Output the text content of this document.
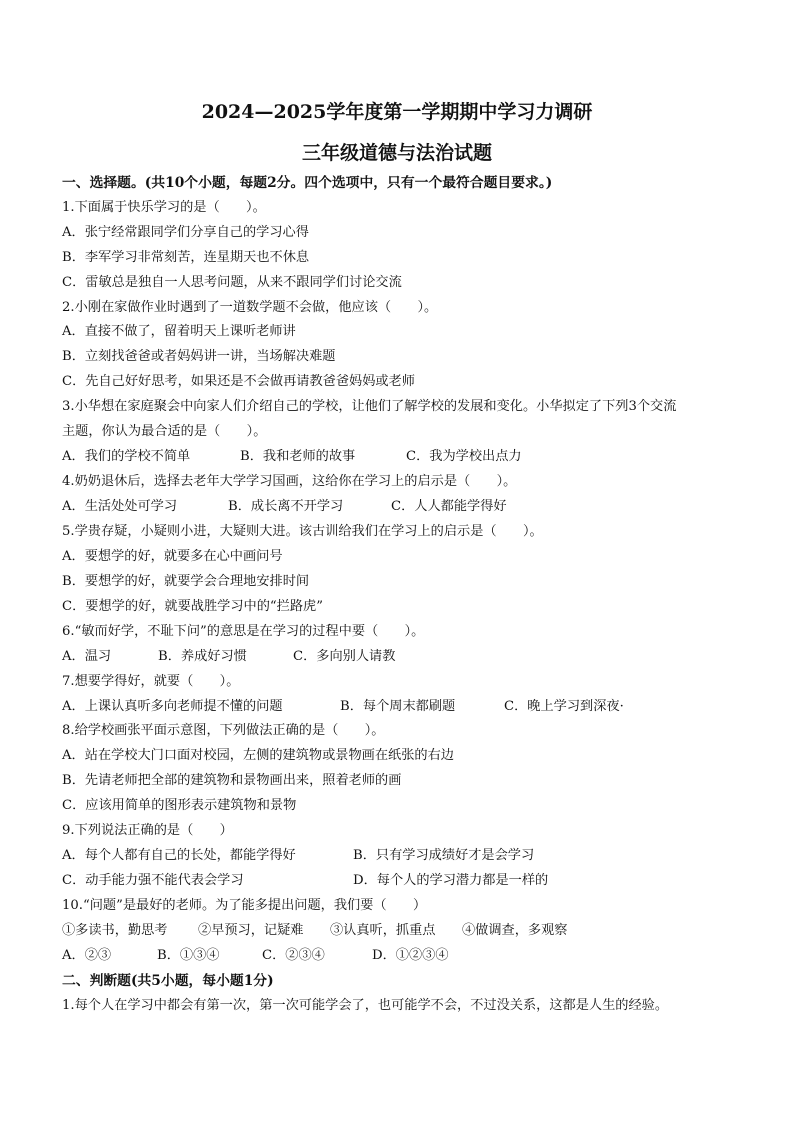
2024—2025学年度第一学期期中学习力调研
三年级道德与法治试题
一、选择题。(共10个小题，每题2分。四个选项中，只有一个最符合题目要求。)
1.下面属于快乐学习的是（　　）。
A．张宁经常跟同学们分享自己的学习心得
B．李军学习非常刻苦，连星期天也不休息
C．雷敏总是独自一人思考问题，从来不跟同学们讨论交流
2.小刚在家做作业时遇到了一道数学题不会做，他应该（　　）。
A．直接不做了，留着明天上课听老师讲
B．立刻找爸爸或者妈妈讲一讲，当场解决难题
C．先自己好好思考，如果还是不会做再请教爸爸妈妈或老师
3.小华想在家庭聚会中向家人们介绍自己的学校，让他们了解学校的发展和变化。小华拟定了下列3个交流
主题，你认为最合适的是（　　）。
A．我们的学校不简单	B．我和老师的故事	C．我为学校出点力
4.奶奶退休后，选择去老年大学学习国画，这给你在学习上的启示是（　　）。
A．生活处处可学习	B．成长离不开学习	C．人人都能学得好
5.学贵存疑，小疑则小进，大疑则大进。该古训给我们在学习上的启示是（　　）。
A．要想学的好，就要多在心中画问号
B．要想学的好，就要学会合理地安排时间
C．要想学的好，就要战胜学习中的“拦路虎”
6.“敏而好学，不耻下问”的意思是在学习的过程中要（　　）。
A．温习	B．养成好习惯	C．多向别人请教
7.想要学得好，就要（　　）。
A．上课认真听多向老师提不懂的问题	B．每个周末都刷题	C．晚上学习到深夜·
8.给学校画张平面示意图，下列做法正确的是（　　）。
A．站在学校大门口面对校园，左侧的建筑物或景物画在纸张的右边
B．先请老师把全部的建筑物和景物画出来，照着老师的画
C．应该用简单的图形表示建筑物和景物
9.下列说法正确的是（　　）
A．每个人都有自己的长处，都能学得好	B．只有学习成绩好才是会学习
C．动手能力强不能代表会学习	D．每个人的学习潜力都是一样的
10.“问题”是最好的老师。为了能多提出问题，我们要（　　）
①多读书，勤思考 ②早预习，记疑难 ③认真听，抓重点 ④做调查，多观察
A．②③	B．①③④	C．②③④	D．①②③④
二、判断题(共5小题，每小题1分)
1.每个人在学习中都会有第一次，第一次可能学会了，也可能学不会，不过没关系，这都是人生的经验。
